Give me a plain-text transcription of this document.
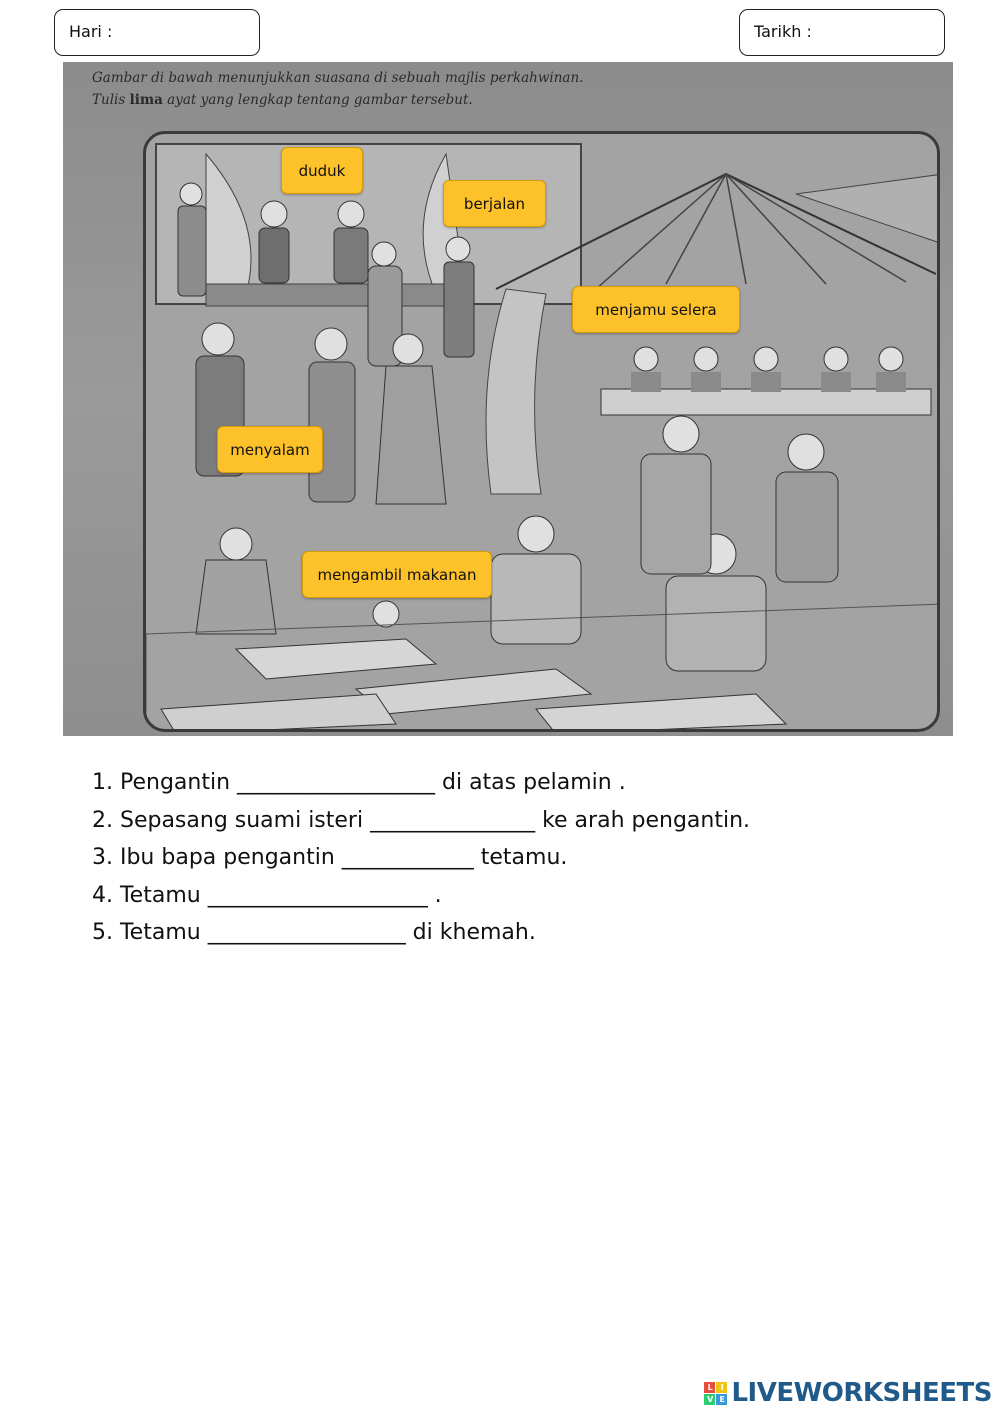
Hari :	Tarikh :
Gambar di bawah menunjukkan suasana di sebuah majlis perkahwinan.
Tulis lima ayat yang lengkap tentang gambar tersebut.
duduk
berjalan
menjamu selera
menyalam
mengambil makanan
1. Pengantin __________________ di atas pelamin .
2. Sepasang suami isteri _______________ ke arah pengantin.
3. Ibu bapa pengantin ____________ tetamu.
4. Tetamu ____________________ .
5. Tetamu __________________ di khemah.
L	I
V E LIVEWORKSHEETS
